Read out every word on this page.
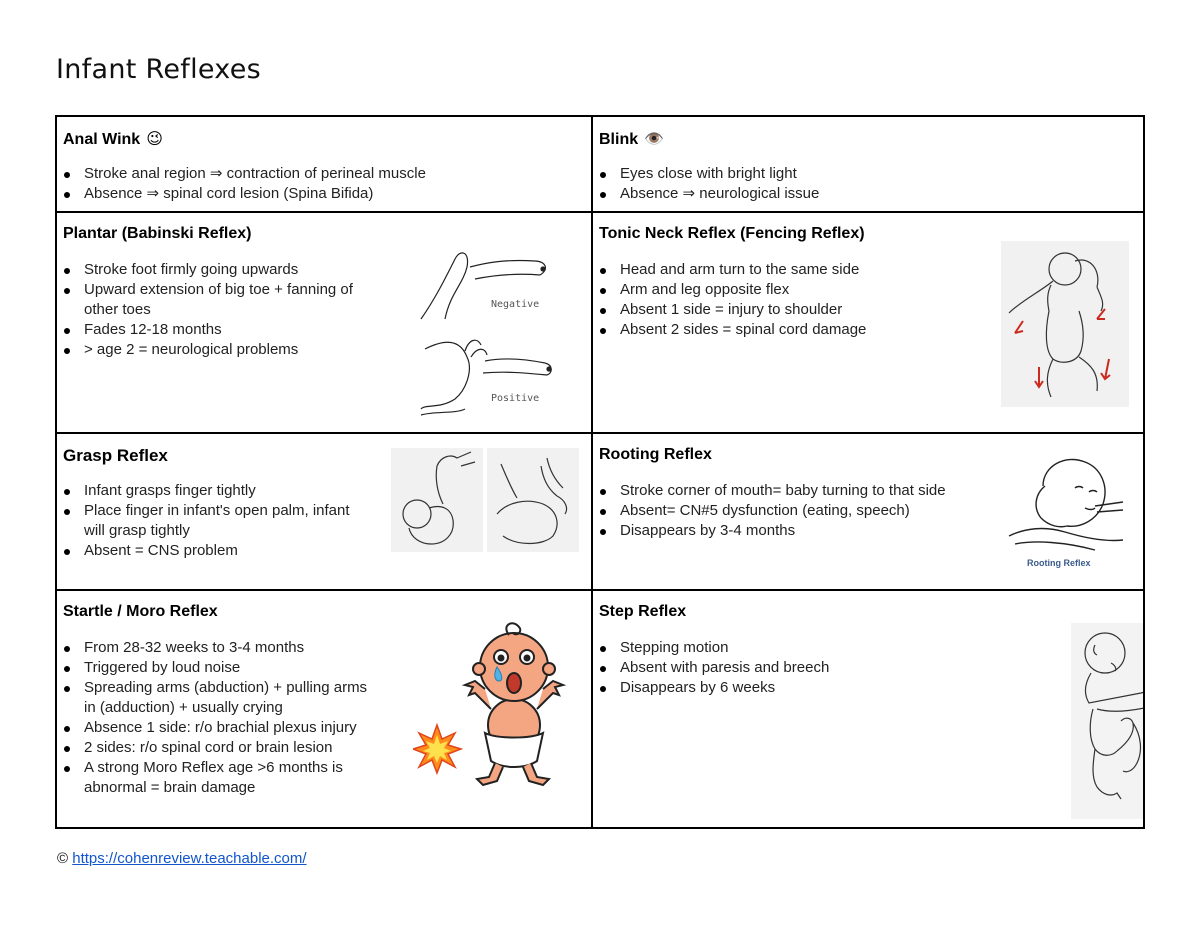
Infant Reflexes
Anal Wink 😉
Stroke anal region ⇒ contraction of perineal muscle
Absence ⇒ spinal cord lesion (Spina Bifida)
Blink 👁️
Eyes close with bright light
Absence ⇒ neurological issue
Plantar (Babinski Reflex)
Stroke foot firmly going upwards
Upward extension of big toe + fanning of other toes
Fades 12-18 months
> age 2 = neurological problems
Negative
Positive
Tonic Neck Reflex (Fencing Reflex)
Head and arm turn to the same side
Arm and leg opposite flex
Absent 1 side = injury to shoulder
Absent 2 sides = spinal cord damage
Grasp Reflex
Infant grasps finger tightly
Place finger in infant's open palm, infant will grasp tightly
Absent = CNS problem
Rooting Reflex
Stroke corner of mouth= baby turning to that side
Absent= CN#5 dysfunction (eating, speech)
Disappears by 3-4 months
Rooting Reflex
Startle / Moro Reflex
From 28-32 weeks to 3-4 months
Triggered by loud noise
Spreading arms (abduction) + pulling arms in (adduction) + usually crying
Absence 1 side: r/o brachial plexus injury
2 sides: r/o spinal cord or brain lesion
A strong Moro Reflex age >6 months is abnormal = brain damage
Step Reflex
Stepping motion
Absent with paresis and breech
Disappears by 6 weeks
© https://cohenreview.teachable.com/
